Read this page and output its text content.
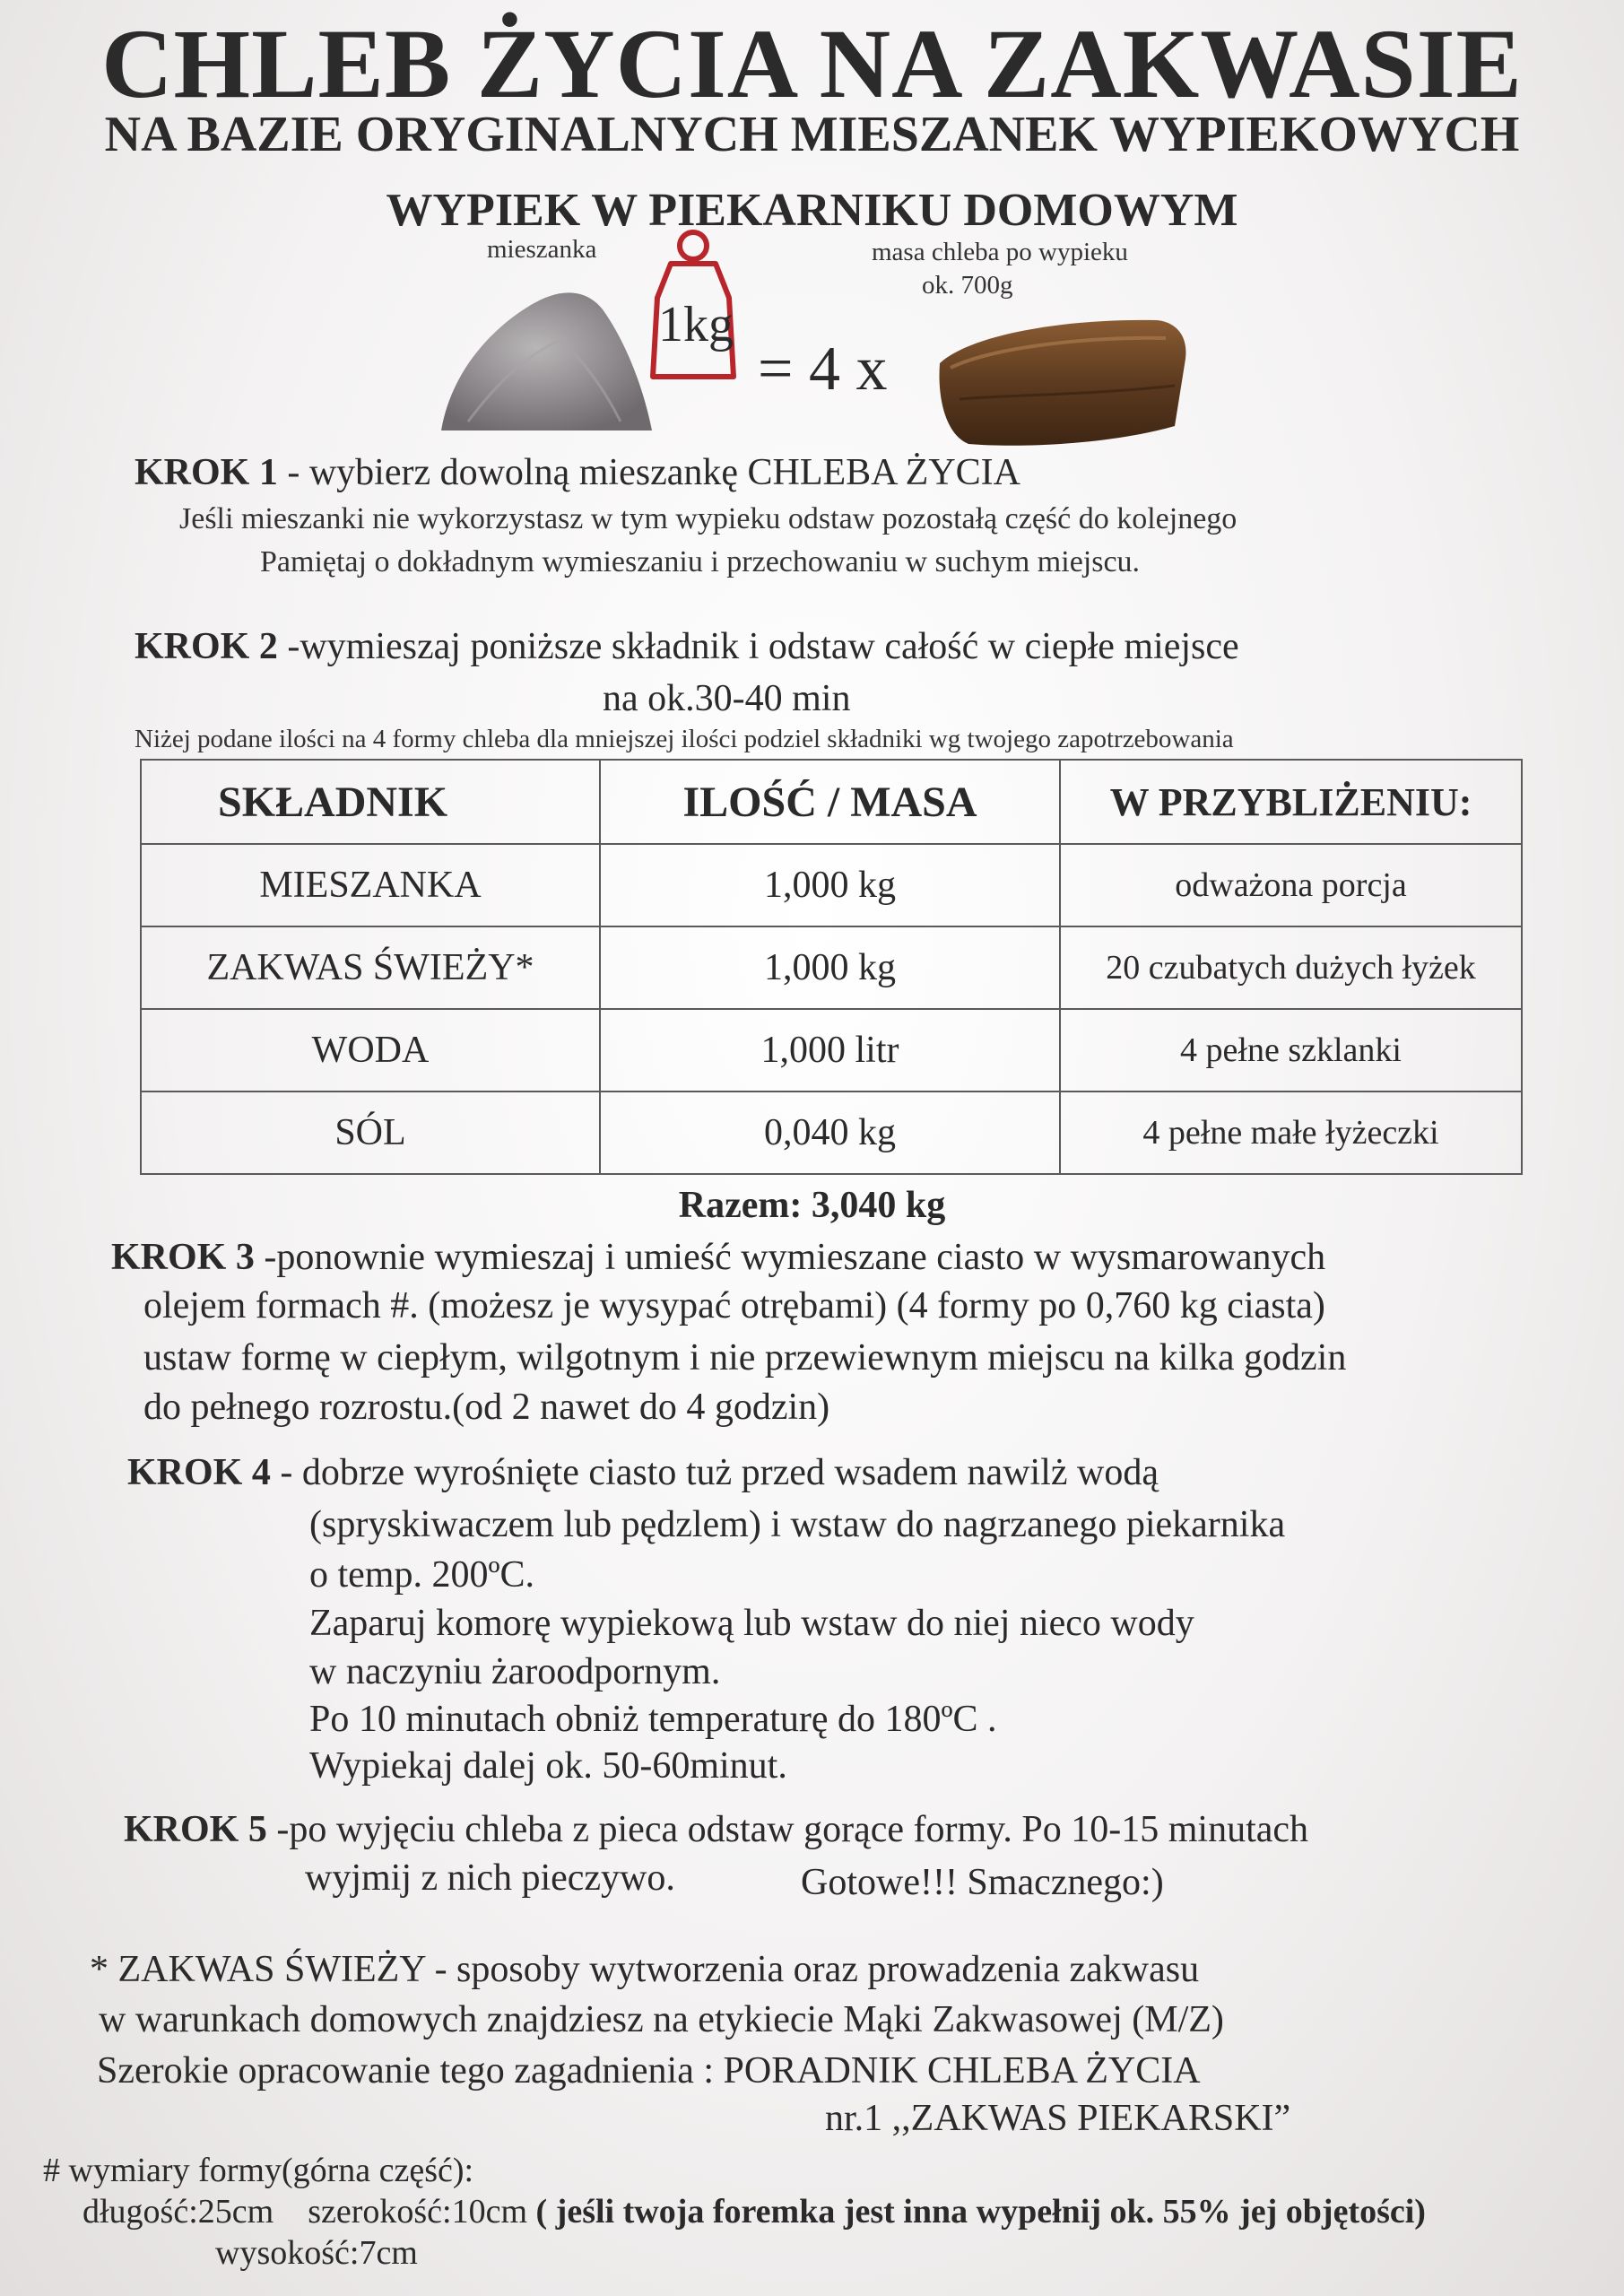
CHLEB ŻYCIA NA ZAKWASIE
NA BAZIE ORYGINALNYCH MIESZANEK WYPIEKOWYCH
WYPIEK W PIEKARNIKU DOMOWYM
mieszanka
1kg
= 4 x
masa chleba po wypieku
ok. 700g
KROK 1 - wybierz dowolną mieszankę CHLEBA ŻYCIA
Jeśli mieszanki nie wykorzystasz w tym wypieku odstaw pozostałą część do kolejnego
Pamiętaj o dokładnym wymieszaniu i przechowaniu w suchym miejscu.
KROK 2 -wymieszaj poniższe składnik i odstaw całość w ciepłe miejsce
na ok.30-40 min
Niżej podane ilości na 4 formy chleba dla mniejszej ilości podziel składniki wg twojego zapotrzebowania
SKŁADNIK	ILOŚĆ / MASA	W PRZYBLIŻENIU:
MIESZANKA	1,000 kg	odważona porcja
ZAKWAS ŚWIEŻY*	1,000 kg	20 czubatych dużych łyżek
WODA	1,000 litr	4 pełne szklanki
SÓL	0,040 kg	4 pełne małe łyżeczki
Razem: 3,040 kg
KROK 3 -ponownie wymieszaj i umieść wymieszane ciasto w wysmarowanych
olejem formach #. (możesz je wysypać otrębami) (4 formy po 0,760 kg ciasta)
ustaw formę w ciepłym, wilgotnym i nie przewiewnym miejscu na kilka godzin
do pełnego rozrostu.(od 2 nawet do 4 godzin)
KROK 4 - dobrze wyrośnięte ciasto tuż przed wsadem nawilż wodą
(spryskiwaczem lub pędzlem) i wstaw do nagrzanego piekarnika
o temp. 200ºC.
Zaparuj komorę wypiekową lub wstaw do niej nieco wody
w naczyniu żaroodpornym.
Po 10 minutach obniż temperaturę do 180ºC .
Wypiekaj dalej ok. 50-60minut.
KROK 5 -po wyjęciu chleba z pieca odstaw gorące formy. Po 10-15 minutach
wyjmij z nich pieczywo.	Gotowe!!! Smacznego:)
* ZAKWAS ŚWIEŻY - sposoby wytworzenia oraz prowadzenia zakwasu
w warunkach domowych znajdziesz na etykiecie Mąki Zakwasowej (M/Z)
Szerokie opracowanie tego zagadnienia : PORADNIK CHLEBA ŻYCIA
nr.1 ,,ZAKWAS PIEKARSKI”
# wymiary formy(górna część):
długość:25cm szerokość:10cm ( jeśli twoja foremka jest inna wypełnij ok. 55% jej objętości)
wysokość:7cm
